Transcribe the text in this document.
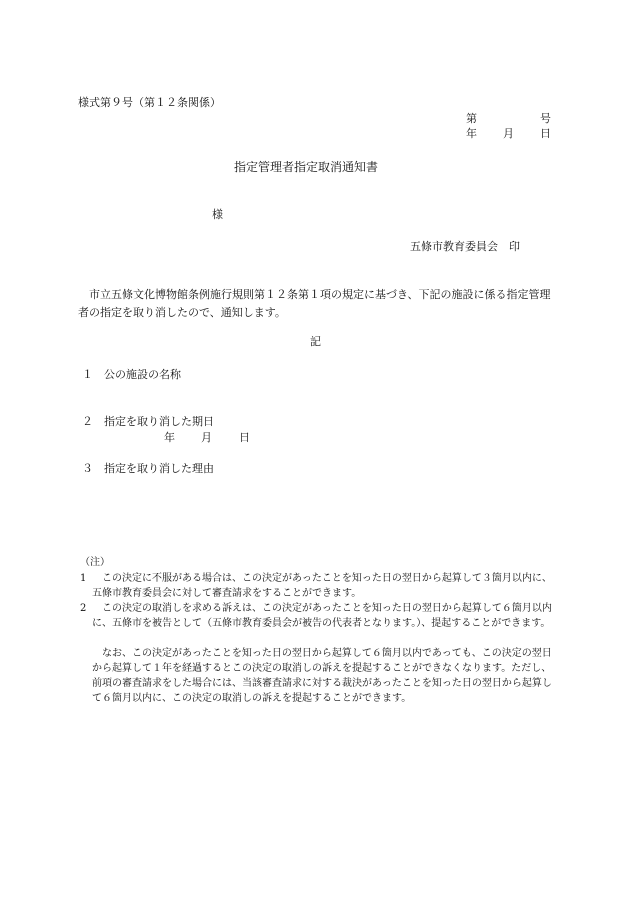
様式第９号（第１２条関係）
第	号
年 月 日
指定管理者指定取消通知書
様
五條市教育委員会　印
市立五條文化博物館条例施行規則第１２条第１項の規定に基づき、下記の施設に係る指定管理者の指定を取り消したので、通知します。
記
１ 公の施設の名称
２ 指定を取り消した期日
年 月 日
３ 指定を取り消した理由
（注）
1	この決定に不服がある場合は、この決定があったことを知った日の翌日から起算して３箇月以内に、五條市教育委員会に対して審査請求をすることができます。
2	この決定の取消しを求める訴えは、この決定があったことを知った日の翌日から起算して６箇月以内に、五條市を被告として（五條市教育委員会が被告の代表者となります。）、提起することができます。
なお、この決定があったことを知った日の翌日から起算して６箇月以内であっても、この決定の翌日から起算して１年を経過するとこの決定の取消しの訴えを提起することができなくなります。ただし、前項の審査請求をした場合には、当該審査請求に対する裁決があったことを知った日の翌日から起算して６箇月以内に、この決定の取消しの訴えを提起することができます。
